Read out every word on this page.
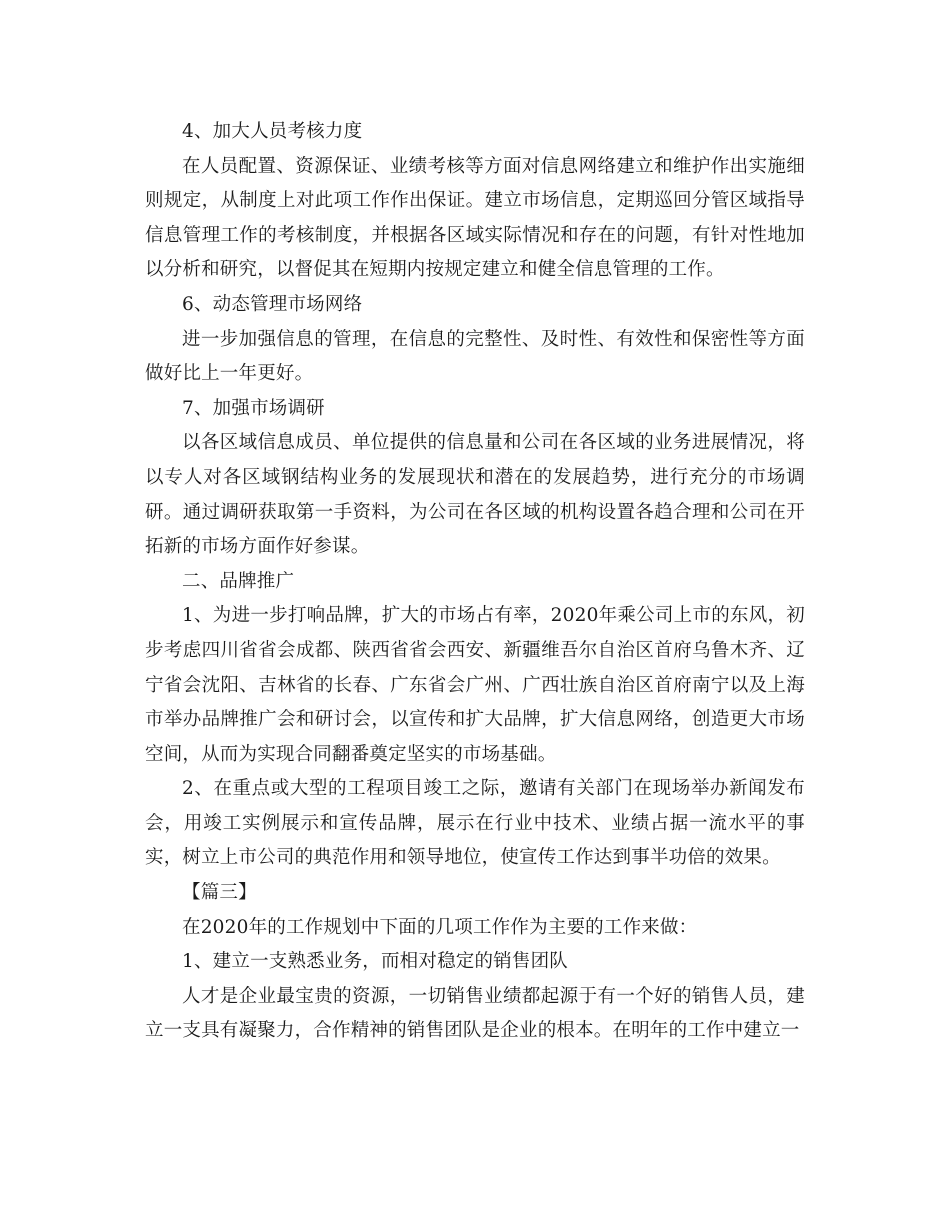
4、加大人员考核力度

在人员配置、资源保证、业绩考核等方面对信息网络建立和维护作出实施细则规定，从制度上对此项工作作出保证。建立市场信息，定期巡回分管区域指导信息管理工作的考核制度，并根据各区域实际情况和存在的问题，有针对性地加以分析和研究，以督促其在短期内按规定建立和健全信息管理的工作。

6、动态管理市场网络

进一步加强信息的管理，在信息的完整性、及时性、有效性和保密性等方面做好比上一年更好。

7、加强市场调研

以各区域信息成员、单位提供的信息量和公司在各区域的业务进展情况，将以专人对各区域钢结构业务的发展现状和潜在的发展趋势，进行充分的市场调研。通过调研获取第一手资料，为公司在各区域的机构设置各趋合理和公司在开拓新的市场方面作好参谋。

二、品牌推广

1、为进一步打响品牌，扩大的市场占有率，2020年乘公司上市的东风，初步考虑四川省省会成都、陕西省省会西安、新疆维吾尔自治区首府乌鲁木齐、辽宁省会沈阳、吉林省的长春、广东省会广州、广西壮族自治区首府南宁以及上海市举办品牌推广会和研讨会，以宣传和扩大品牌，扩大信息网络，创造更大市场空间，从而为实现合同翻番奠定坚实的市场基础。

2、在重点或大型的工程项目竣工之际，邀请有关部门在现场举办新闻发布会，用竣工实例展示和宣传品牌，展示在行业中技术、业绩占据一流水平的事实，树立上市公司的典范作用和领导地位，使宣传工作达到事半功倍的效果。

【篇三】

在2020年的工作规划中下面的几项工作作为主要的工作来做：

1、建立一支熟悉业务，而相对稳定的销售团队

人才是企业最宝贵的资源，一切销售业绩都起源于有一个好的销售人员，建立一支具有凝聚力，合作精神的销售团队是企业的根本。在明年的工作中建立一
